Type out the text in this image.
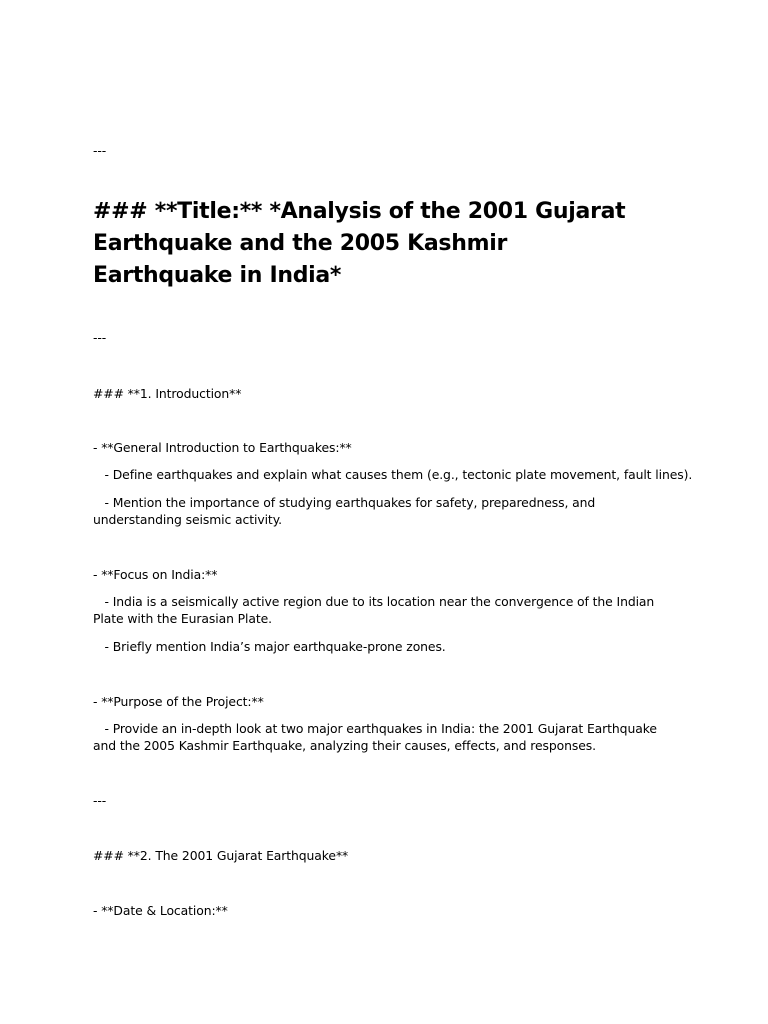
---
### **Title:** *Analysis of the 2001 Gujarat Earthquake and the 2005 Kashmir Earthquake in India*
---
### **1. Introduction**
- **General Introduction to Earthquakes:**
- Define earthquakes and explain what causes them (e.g., tectonic plate movement, fault lines).
- Mention the importance of studying earthquakes for safety, preparedness, and understanding seismic activity.
- **Focus on India:**
- India is a seismically active region due to its location near the convergence of the Indian Plate with the Eurasian Plate.
- Briefly mention India’s major earthquake-prone zones.
- **Purpose of the Project:**
- Provide an in-depth look at two major earthquakes in India: the 2001 Gujarat Earthquake and the 2005 Kashmir Earthquake, analyzing their causes, effects, and responses.
---
### **2. The 2001 Gujarat Earthquake**
- **Date & Location:**
